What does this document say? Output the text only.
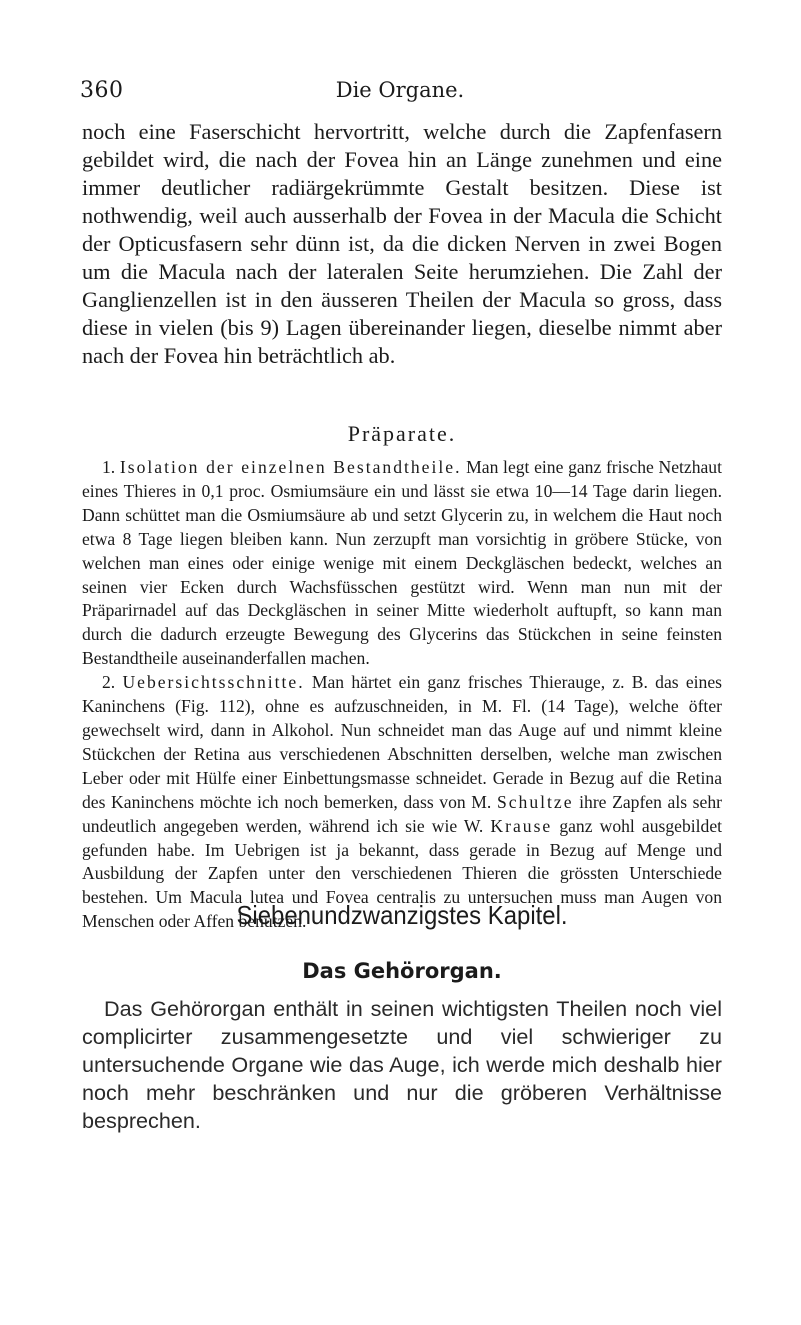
360	Die Organe.

noch eine Faserschicht hervortritt, welche durch die Zapfenfasern gebildet wird, die nach der Fovea hin an Länge zunehmen und eine immer deutlicher radiärgekrümmte Gestalt besitzen. Diese ist nothwendig, weil auch ausserhalb der Fovea in der Macula die Schicht der Opticusfasern sehr dünn ist, da die dicken Nerven in zwei Bogen um die Macula nach der lateralen Seite herumziehen. Die Zahl der Ganglienzellen ist in den äusseren Theilen der Macula so gross, dass diese in vielen (bis 9) Lagen übereinander liegen, dieselbe nimmt aber nach der Fovea hin beträchtlich ab.

Präparate.

1. Isolation der einzelnen Bestandtheile. Man legt eine ganz frische Netzhaut eines Thieres in 0,1 proc. Osmiumsäure ein und lässt sie etwa 10—14 Tage darin liegen. Dann schüttet man die Osmiumsäure ab und setzt Glycerin zu, in welchem die Haut noch etwa 8 Tage liegen bleiben kann. Nun zerzupft man vorsichtig in gröbere Stücke, von welchen man eines oder einige wenige mit einem Deckgläschen bedeckt, welches an seinen vier Ecken durch Wachsfüsschen gestützt wird. Wenn man nun mit der Präparirnadel auf das Deckgläschen in seiner Mitte wiederholt auftupft, so kann man durch die dadurch erzeugte Bewegung des Glycerins das Stückchen in seine feinsten Bestandtheile auseinanderfallen machen.

2. Uebersichtsschnitte. Man härtet ein ganz frisches Thierauge, z. B. das eines Kaninchens (Fig. 112), ohne es aufzuschneiden, in M. Fl. (14 Tage), welche öfter gewechselt wird, dann in Alkohol. Nun schneidet man das Auge auf und nimmt kleine Stückchen der Retina aus verschiedenen Abschnitten derselben, welche man zwischen Leber oder mit Hülfe einer Einbettungsmasse schneidet. Gerade in Bezug auf die Retina des Kaninchens möchte ich noch bemerken, dass von M. Schultze ihre Zapfen als sehr undeutlich angegeben werden, während ich sie wie W. Krause ganz wohl ausgebildet gefunden habe. Im Uebrigen ist ja bekannt, dass gerade in Bezug auf Menge und Ausbildung der Zapfen unter den verschiedenen Thieren die grössten Unterschiede bestehen. Um Macula lutea und Fovea centralis zu untersuchen muss man Augen von Menschen oder Affen benutzen.

Siebenundzwanzigstes Kapitel.
Das Gehörorgan.

Das Gehörorgan enthält in seinen wichtigsten Theilen noch viel complicirter zusammengesetzte und viel schwieriger zu untersuchende Organe wie das Auge, ich werde mich deshalb hier noch mehr beschränken und nur die gröberen Verhältnisse besprechen.
